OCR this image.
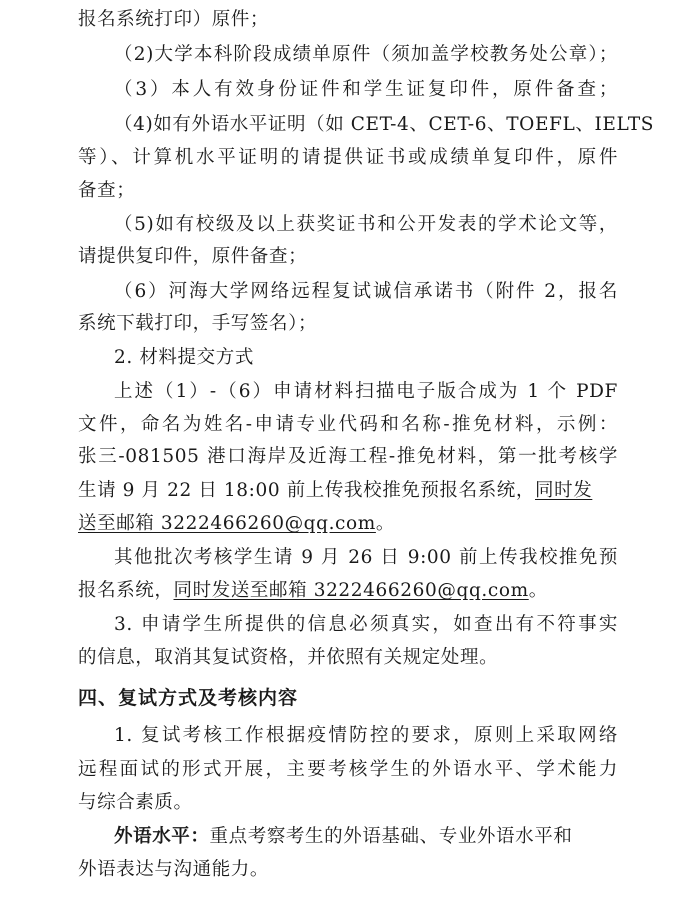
报名系统打印）原件；
（2)大学本科阶段成绩单原件（须加盖学校教务处公章）；
（3）本人有效身份证件和学生证复印件，原件备查；
（4)如有外语水平证明（如 CET-4、CET-6、TOEFL、IELTS
等）、计算机水平证明的请提供证书或成绩单复印件，原件
备查；
（5)如有校级及以上获奖证书和公开发表的学术论文等，
请提供复印件，原件备查；
（6）河海大学网络远程复试诚信承诺书（附件 2，报名
系统下载打印，手写签名）；
2. 材料提交方式
上述（1）-（6）申请材料扫描电子版合成为 1 个 PDF
文件，命名为姓名-申请专业代码和名称-推免材料，示例：
张三-081505 港口海岸及近海工程-推免材料，第一批考核学
生请 9 月 22 日 18:00 前上传我校推免预报名系统，同时发
送至邮箱 3222466260@qq.com。
其他批次考核学生请 9 月 26 日 9:00 前上传我校推免预
报名系统，同时发送至邮箱 3222466260@qq.com。
3. 申请学生所提供的信息必须真实，如查出有不符事实
的信息，取消其复试资格，并依照有关规定处理。
四、复试方式及考核内容
1. 复试考核工作根据疫情防控的要求，原则上采取网络
远程面试的形式开展，主要考核学生的外语水平、学术能力
与综合素质。
外语水平：重点考察考生的外语基础、专业外语水平和
外语表达与沟通能力。
